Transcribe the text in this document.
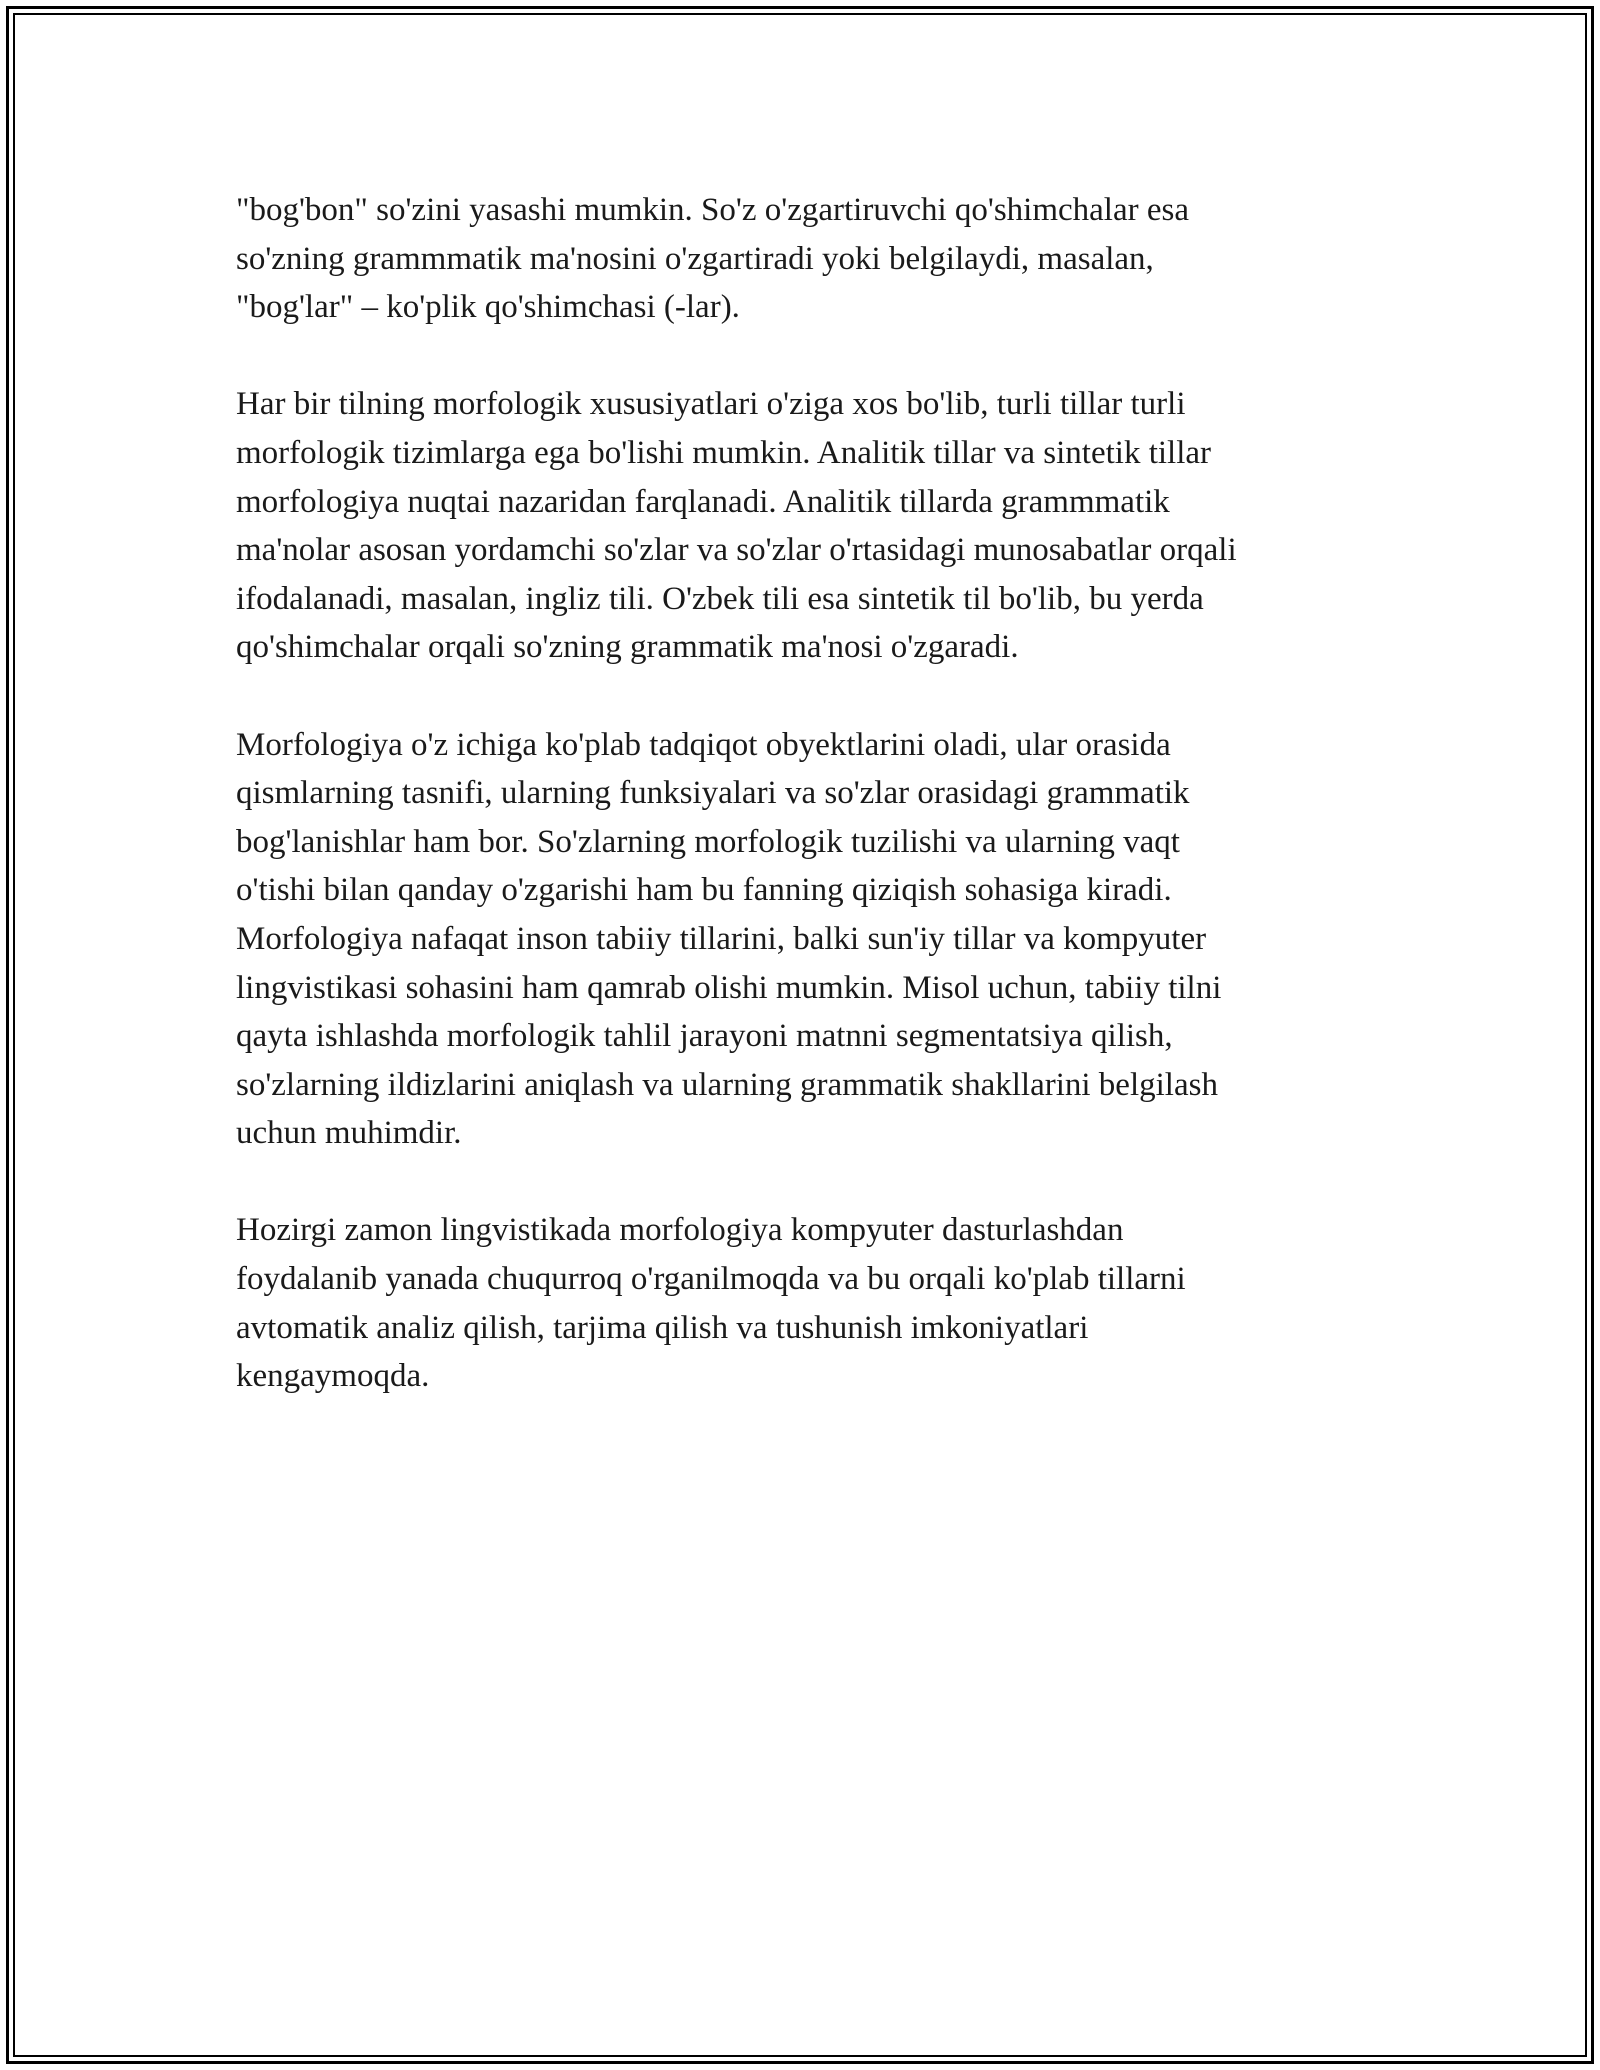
"bog'bon" so'zini yasashi mumkin. So'z o'zgartiruvchi qo'shimchalar esa
so'zning grammmatik ma'nosini o'zgartiradi yoki belgilaydi, masalan,
"bog'lar" – ko'plik qo'shimchasi (-lar).

Har bir tilning morfologik xususiyatlari o'ziga xos bo'lib, turli tillar turli
morfologik tizimlarga ega bo'lishi mumkin. Analitik tillar va sintetik tillar
morfologiya nuqtai nazaridan farqlanadi. Analitik tillarda grammmatik
ma'nolar asosan yordamchi so'zlar va so'zlar o'rtasidagi munosabatlar orqali
ifodalanadi, masalan, ingliz tili. O'zbek tili esa sintetik til bo'lib, bu yerda
qo'shimchalar orqali so'zning grammatik ma'nosi o'zgaradi.

Morfologiya o'z ichiga ko'plab tadqiqot obyektlarini oladi, ular orasida
qismlarning tasnifi, ularning funksiyalari va so'zlar orasidagi grammatik
bog'lanishlar ham bor. So'zlarning morfologik tuzilishi va ularning vaqt
o'tishi bilan qanday o'zgarishi ham bu fanning qiziqish sohasiga kiradi.
Morfologiya nafaqat inson tabiiy tillarini, balki sun'iy tillar va kompyuter
lingvistikasi sohasini ham qamrab olishi mumkin. Misol uchun, tabiiy tilni
qayta ishlashda morfologik tahlil jarayoni matnni segmentatsiya qilish,
so'zlarning ildizlarini aniqlash va ularning grammatik shakllarini belgilash
uchun muhimdir.

Hozirgi zamon lingvistikada morfologiya kompyuter dasturlashdan
foydalanib yanada chuqurroq o'rganilmoqda va bu orqali ko'plab tillarni
avtomatik analiz qilish, tarjima qilish va tushunish imkoniyatlari
kengaymoqda.
